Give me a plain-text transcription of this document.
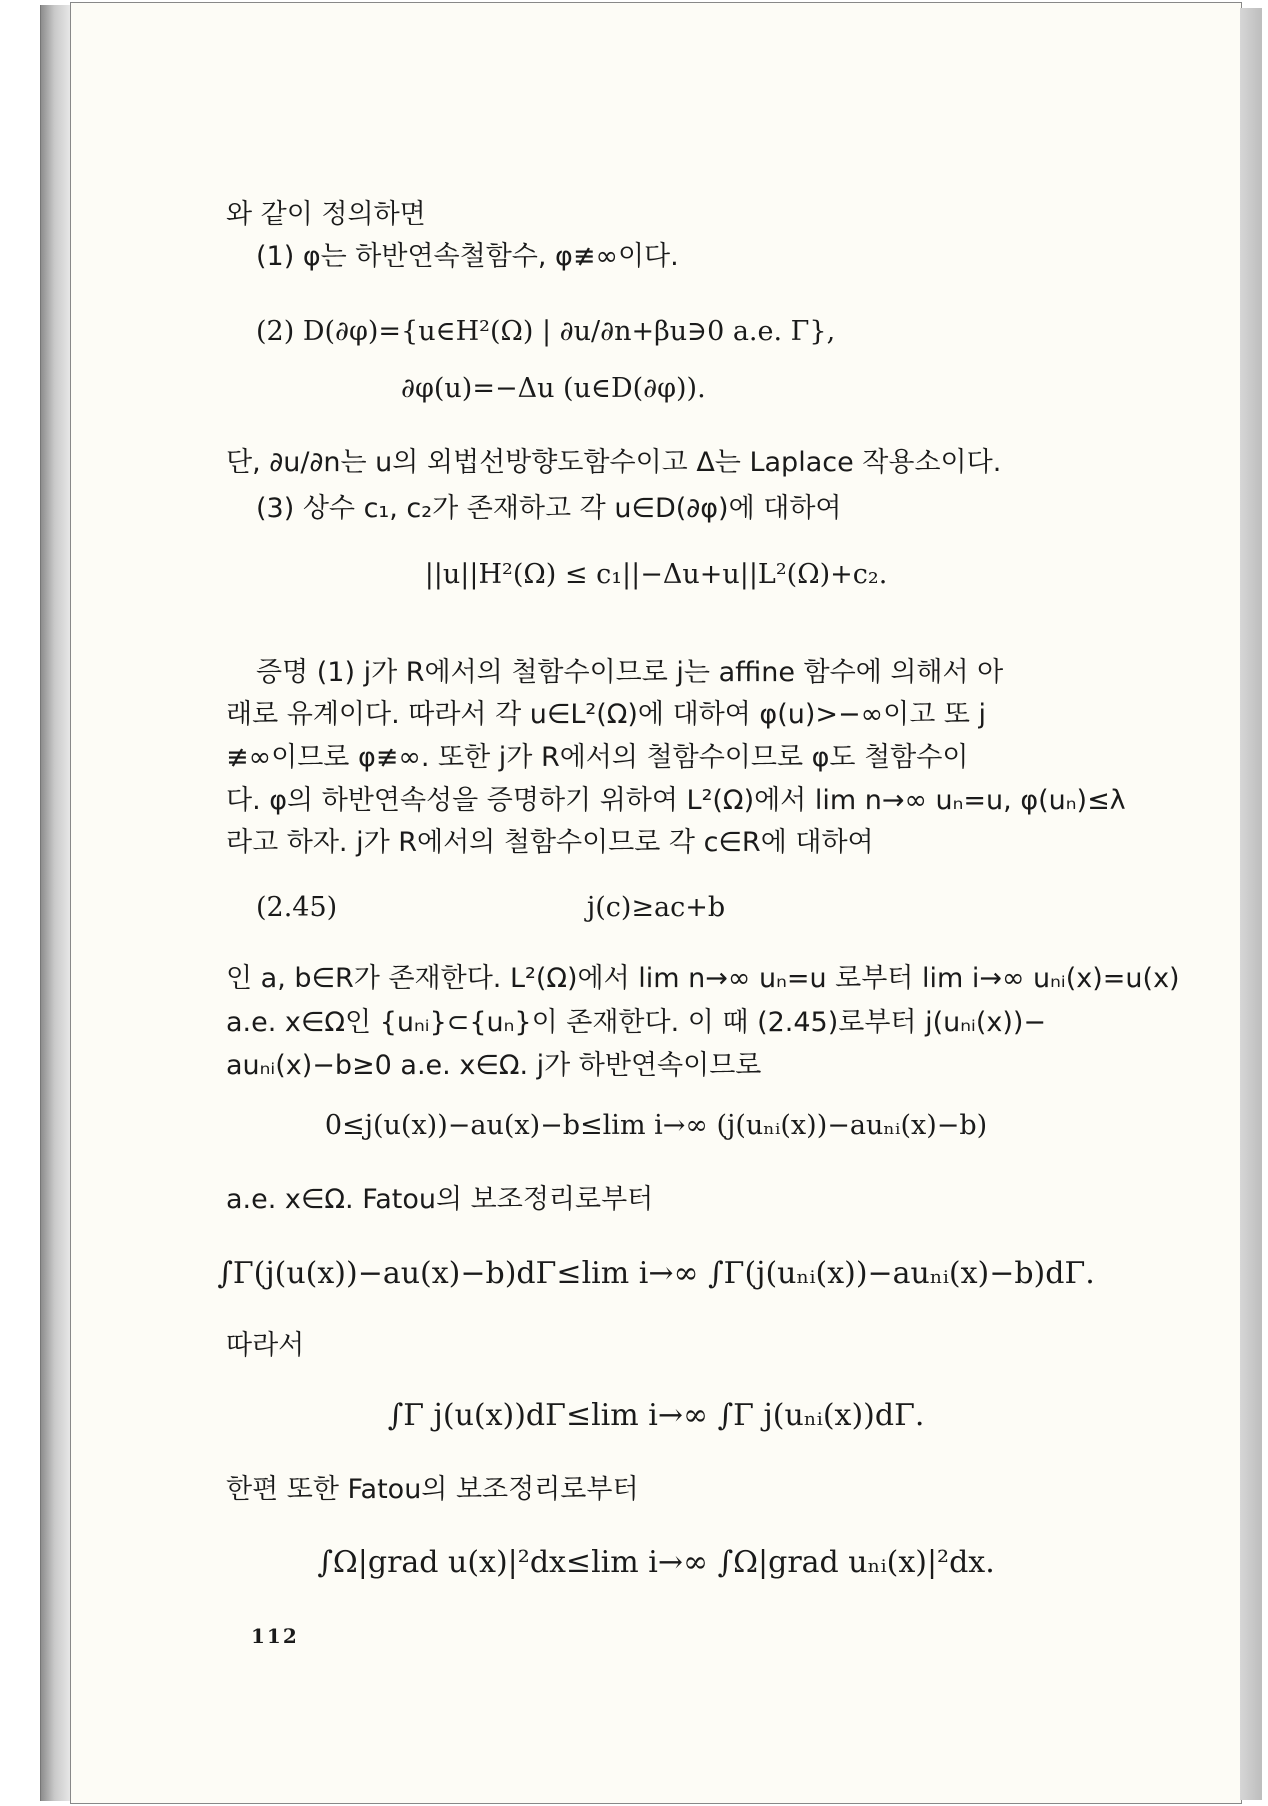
와 같이 정의하면
(1) φ는 하반연속철함수, φ≢∞이다.
(2) D(∂φ)={u∈H²(Ω) | ∂u/∂n+βu∋0 a.e. Γ},
∂φ(u)=−Δu (u∈D(∂φ)).
단, ∂u/∂n는 u의 외법선방향도함수이고 Δ는 Laplace 작용소이다.
(3) 상수 c₁, c₂가 존재하고 각 u∈D(∂φ)에 대하여
||u||H²(Ω) ≤ c₁||−Δu+u||L²(Ω)+c₂.
증명 (1) j가 R에서의 철함수이므로 j는 affine 함수에 의해서 아
래로 유계이다. 따라서 각 u∈L²(Ω)에 대하여 φ(u)>−∞이고 또 j
≢∞이므로 φ≢∞. 또한 j가 R에서의 철함수이므로 φ도 철함수이
다. φ의 하반연속성을 증명하기 위하여 L²(Ω)에서 lim n→∞ uₙ=u, φ(uₙ)≤λ
라고 하자. j가 R에서의 철함수이므로 각 c∈R에 대하여
(2.45)	j(c)≥ac+b
인 a, b∈R가 존재한다. L²(Ω)에서 lim n→∞ uₙ=u 로부터 lim i→∞ uₙᵢ(x)=u(x)
a.e. x∈Ω인 {uₙᵢ}⊂{uₙ}이 존재한다. 이 때 (2.45)로부터 j(uₙᵢ(x))−
auₙᵢ(x)−b≥0 a.e. x∈Ω. j가 하반연속이므로
0≤j(u(x))−au(x)−b≤lim i→∞ (j(uₙᵢ(x))−auₙᵢ(x)−b)
a.e. x∈Ω. Fatou의 보조정리로부터
∫Γ(j(u(x))−au(x)−b)dΓ≤lim i→∞ ∫Γ(j(uₙᵢ(x))−auₙᵢ(x)−b)dΓ.
따라서
∫Γ j(u(x))dΓ≤lim i→∞ ∫Γ j(uₙᵢ(x))dΓ.
한편 또한 Fatou의 보조정리로부터
∫Ω|grad u(x)|²dx≤lim i→∞ ∫Ω|grad uₙᵢ(x)|²dx.
112
